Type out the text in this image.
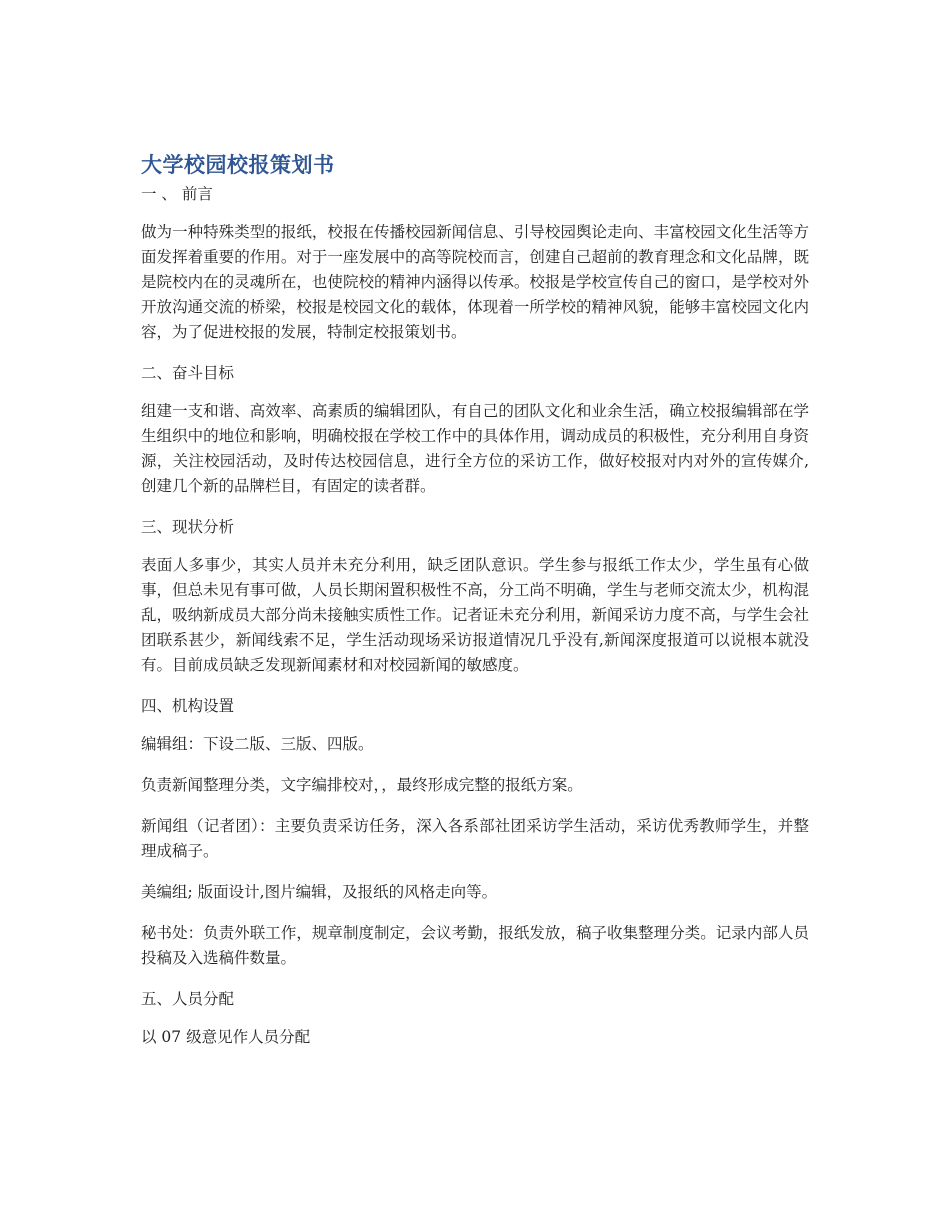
大学校园校报策划书

一 、 前言

做为一种特殊类型的报纸，校报在传播校园新闻信息、引导校园舆论走向、丰富校园文化生活等方面发挥着重要的作用。对于一座发展中的高等院校而言，创建自己超前的教育理念和文化品牌，既是院校内在的灵魂所在，也使院校的精神内涵得以传承。校报是学校宣传自己的窗口，是学校对外开放沟通交流的桥梁，校报是校园文化的载体，体现着一所学校的精神风貌，能够丰富校园文化内容，为了促进校报的发展，特制定校报策划书。

二、奋斗目标

组建一支和谐、高效率、高素质的编辑团队，有自己的团队文化和业余生活，确立校报编辑部在学生组织中的地位和影响，明确校报在学校工作中的具体作用，调动成员的积极性，充分利用自身资源，关注校园活动，及时传达校园信息，进行全方位的采访工作，做好校报对内对外的宣传媒介,创建几个新的品牌栏目，有固定的读者群。

三、现状分析

表面人多事少，其实人员并未充分利用，缺乏团队意识。学生参与报纸工作太少，学生虽有心做事，但总未见有事可做，人员长期闲置积极性不高，分工尚不明确，学生与老师交流太少，机构混乱，吸纳新成员大部分尚未接触实质性工作。记者证未充分利用，新闻采访力度不高，与学生会社团联系甚少，新闻线索不足，学生活动现场采访报道情况几乎没有,新闻深度报道可以说根本就没有。目前成员缺乏发现新闻素材和对校园新闻的敏感度。

四、机构设置

编辑组：下设二版、三版、四版。

负责新闻整理分类，文字编排校对，，最终形成完整的报纸方案。

新闻组（记者团）：主要负责采访任务，深入各系部社团采访学生活动，采访优秀教师学生，并整理成稿子。

美编组; 版面设计,图片编辑，及报纸的风格走向等。

秘书处：负责外联工作，规章制度制定，会议考勤，报纸发放，稿子收集整理分类。记录内部人员投稿及入选稿件数量。

五、人员分配

以 07 级意见作人员分配
